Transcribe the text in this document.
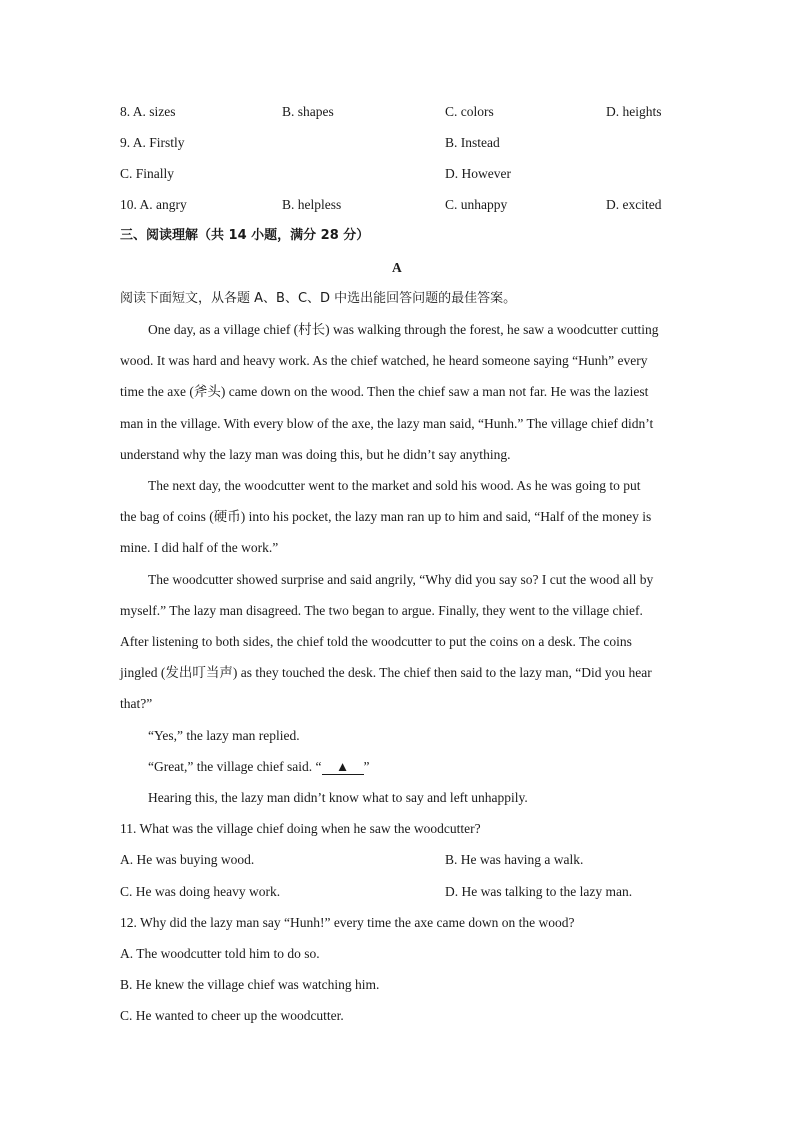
8. A. sizes	B. shapes	C. colors	D. heights
9. A. Firstly	B. Instead
C. Finally	D. However
10. A. angry	B. helpless	C. unhappy	D. excited
三、阅读理解（共 14 小题，满分 28 分）
A
阅读下面短文，从各题 A、B、C、D 中选出能回答问题的最佳答案。
One day, as a village chief (村长) was walking through the forest, he saw a woodcutter cutting
wood. It was hard and heavy work. As the chief watched, he heard someone saying “Hunh” every
time the axe (斧头) came down on the wood. Then the chief saw a man not far. He was the laziest
man in the village. With every blow of the axe, the lazy man said, “Hunh.” The village chief didn’t
understand why the lazy man was doing this, but he didn’t say anything.
The next day, the woodcutter went to the market and sold his wood. As he was going to put
the bag of coins (硬币) into his pocket, the lazy man ran up to him and said, “Half of the money is
mine. I did half of the work.”
The woodcutter showed surprise and said angrily, “Why did you say so? I cut the wood all by
myself.” The lazy man disagreed. The two began to argue. Finally, they went to the village chief.
After listening to both sides, the chief told the woodcutter to put the coins on a desk. The coins
jingled (发出叮当声) as they touched the desk. The chief then said to the lazy man, “Did you hear
that?”
“Yes,” the lazy man replied.
“Great,” the village chief said. “ ▲ ”
Hearing this, the lazy man didn’t know what to say and left unhappily.
11. What was the village chief doing when he saw the woodcutter?
A. He was buying wood.	B. He was having a walk.
C. He was doing heavy work.	D. He was talking to the lazy man.
12. Why did the lazy man say “Hunh!” every time the axe came down on the wood?
A. The woodcutter told him to do so.
B. He knew the village chief was watching him.
C. He wanted to cheer up the woodcutter.
